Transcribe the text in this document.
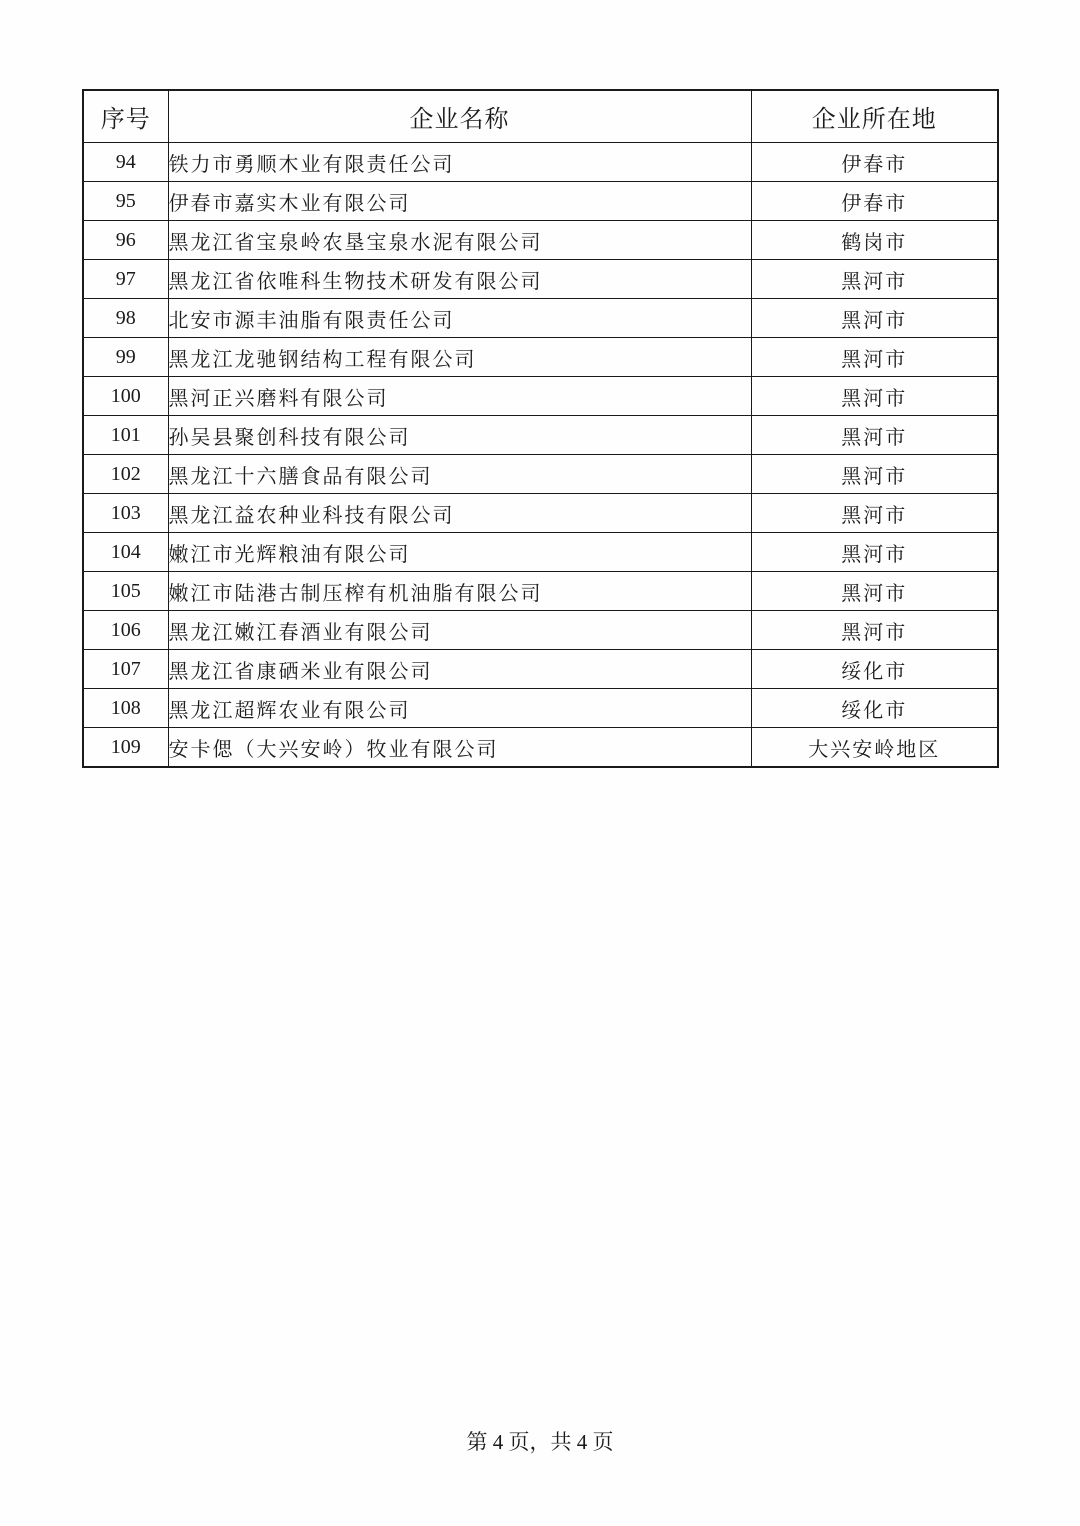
序号	企业名称	企业所在地
94	铁力市勇顺木业有限责任公司	伊春市
95	伊春市嘉实木业有限公司	伊春市
96	黑龙江省宝泉岭农垦宝泉水泥有限公司	鹤岗市
97	黑龙江省依唯科生物技术研发有限公司	黑河市
98	北安市源丰油脂有限责任公司	黑河市
99	黑龙江龙驰钢结构工程有限公司	黑河市
100	黑河正兴磨料有限公司	黑河市
101	孙吴县聚创科技有限公司	黑河市
102	黑龙江十六膳食品有限公司	黑河市
103	黑龙江益农种业科技有限公司	黑河市
104	嫩江市光辉粮油有限公司	黑河市
105	嫩江市陆港古制压榨有机油脂有限公司	黑河市
106	黑龙江嫩江春酒业有限公司	黑河市
107	黑龙江省康硒米业有限公司	绥化市
108	黑龙江超辉农业有限公司	绥化市
109	安卡偲（大兴安岭）牧业有限公司	大兴安岭地区
第 4 页，共 4 页
